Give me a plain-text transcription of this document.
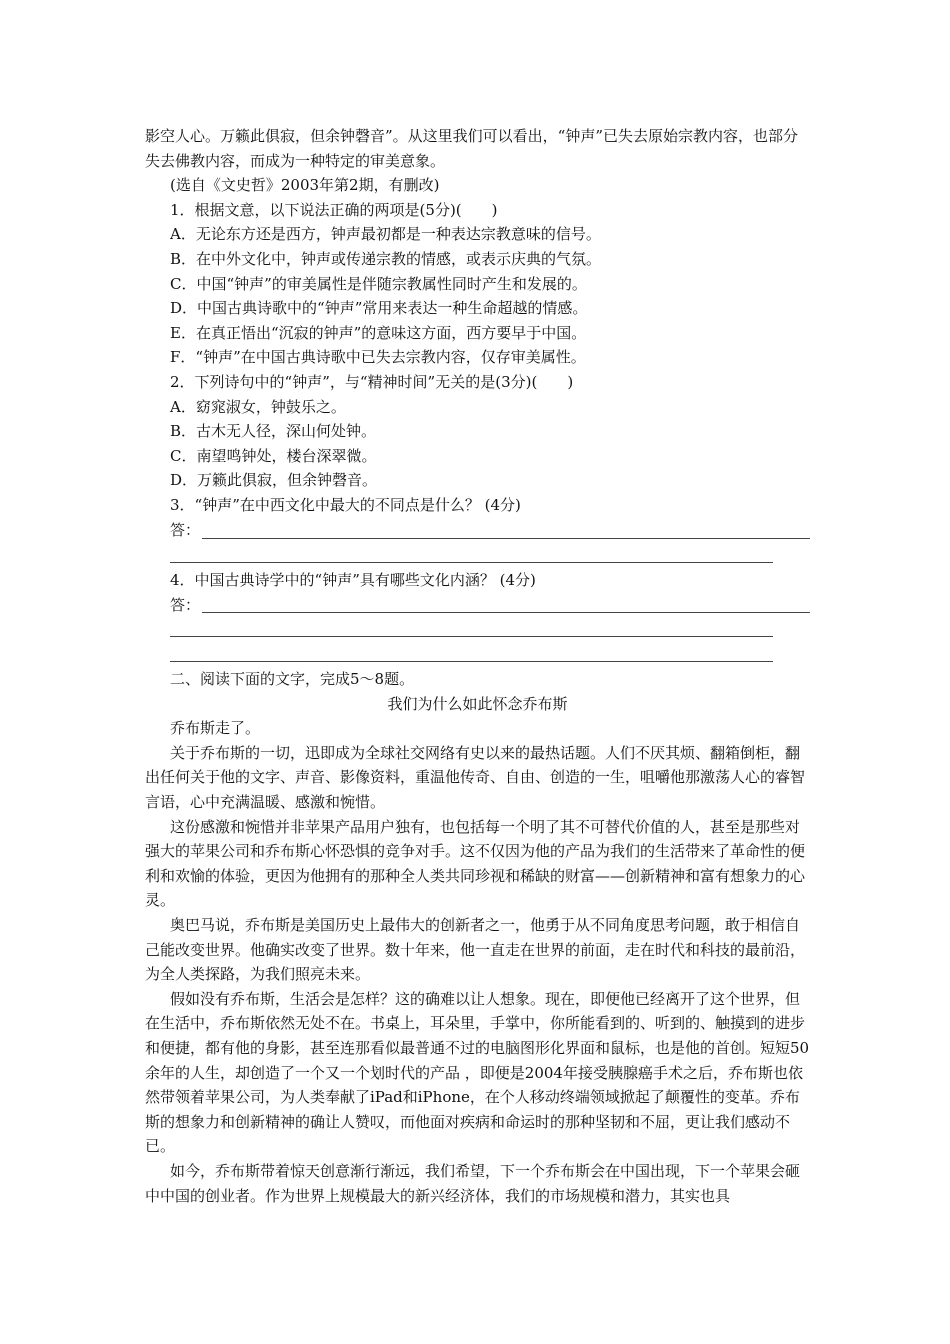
影空人心。万籁此俱寂，但余钟磬音”。从这里我们可以看出，“钟声”已失去原始宗教内容，也部分失去佛教内容，而成为一种特定的审美意象。

(选自《文史哲》2003年第2期，有删改)

1．根据文意，以下说法正确的两项是(5分)(　　)

A．无论东方还是西方，钟声最初都是一种表达宗教意味的信号。

B．在中外文化中，钟声或传递宗教的情感，或表示庆典的气氛。

C．中国“钟声”的审美属性是伴随宗教属性同时产生和发展的。

D．中国古典诗歌中的“钟声”常用来表达一种生命超越的情感。

E．在真正悟出“沉寂的钟声”的意味这方面，西方要早于中国。

F．“钟声”在中国古典诗歌中已失去宗教内容，仅存审美属性。

2．下列诗句中的“钟声”，与“精神时间”无关的是(3分)(　　)

A．窈窕淑女，钟鼓乐之。

B．古木无人径，深山何处钟。

C．南望鸣钟处，楼台深翠微。

D．万籁此俱寂，但余钟磬音。

3．“钟声”在中西文化中最大的不同点是什么？ (4分)

答：

4．中国古典诗学中的“钟声”具有哪些文化内涵？ (4分)

答：

二、阅读下面的文字，完成5～8题。

我们为什么如此怀念乔布斯

乔布斯走了。

关于乔布斯的一切，迅即成为全球社交网络有史以来的最热话题。人们不厌其烦、翻箱倒柜，翻出任何关于他的文字、声音、影像资料，重温他传奇、自由、创造的一生，咀嚼他那激荡人心的睿智言语，心中充满温暖、感激和惋惜。

这份感激和惋惜并非苹果产品用户独有，也包括每一个明了其不可替代价值的人，甚至是那些对强大的苹果公司和乔布斯心怀恐惧的竞争对手。这不仅因为他的产品为我们的生活带来了革命性的便利和欢愉的体验，更因为他拥有的那种全人类共同珍视和稀缺的财富——创新精神和富有想象力的心灵。

奥巴马说，乔布斯是美国历史上最伟大的创新者之一，他勇于从不同角度思考问题，敢于相信自己能改变世界。他确实改变了世界。数十年来，他一直走在世界的前面，走在时代和科技的最前沿，为全人类探路，为我们照亮未来。

假如没有乔布斯，生活会是怎样？这的确难以让人想象。现在，即便他已经离开了这个世界，但在生活中，乔布斯依然无处不在。书桌上，耳朵里，手掌中，你所能看到的、听到的、触摸到的进步和便捷，都有他的身影，甚至连那看似最普通不过的电脑图形化界面和鼠标，也是他的首创。短短50余年的人生，却创造了一个又一个划时代的产品 ，即便是2004年接受胰腺癌手术之后，乔布斯也依然带领着苹果公司，为人类奉献了iPad和iPhone，在个人移动终端领域掀起了颠覆性的变革。乔布斯的想象力和创新精神的确让人赞叹，而他面对疾病和命运时的那种坚韧和不屈，更让我们感动不已。

如今，乔布斯带着惊天创意渐行渐远，我们希望，下一个乔布斯会在中国出现，下一个苹果会砸中中国的创业者。作为世界上规模最大的新兴经济体，我们的市场规模和潜力，其实也具
